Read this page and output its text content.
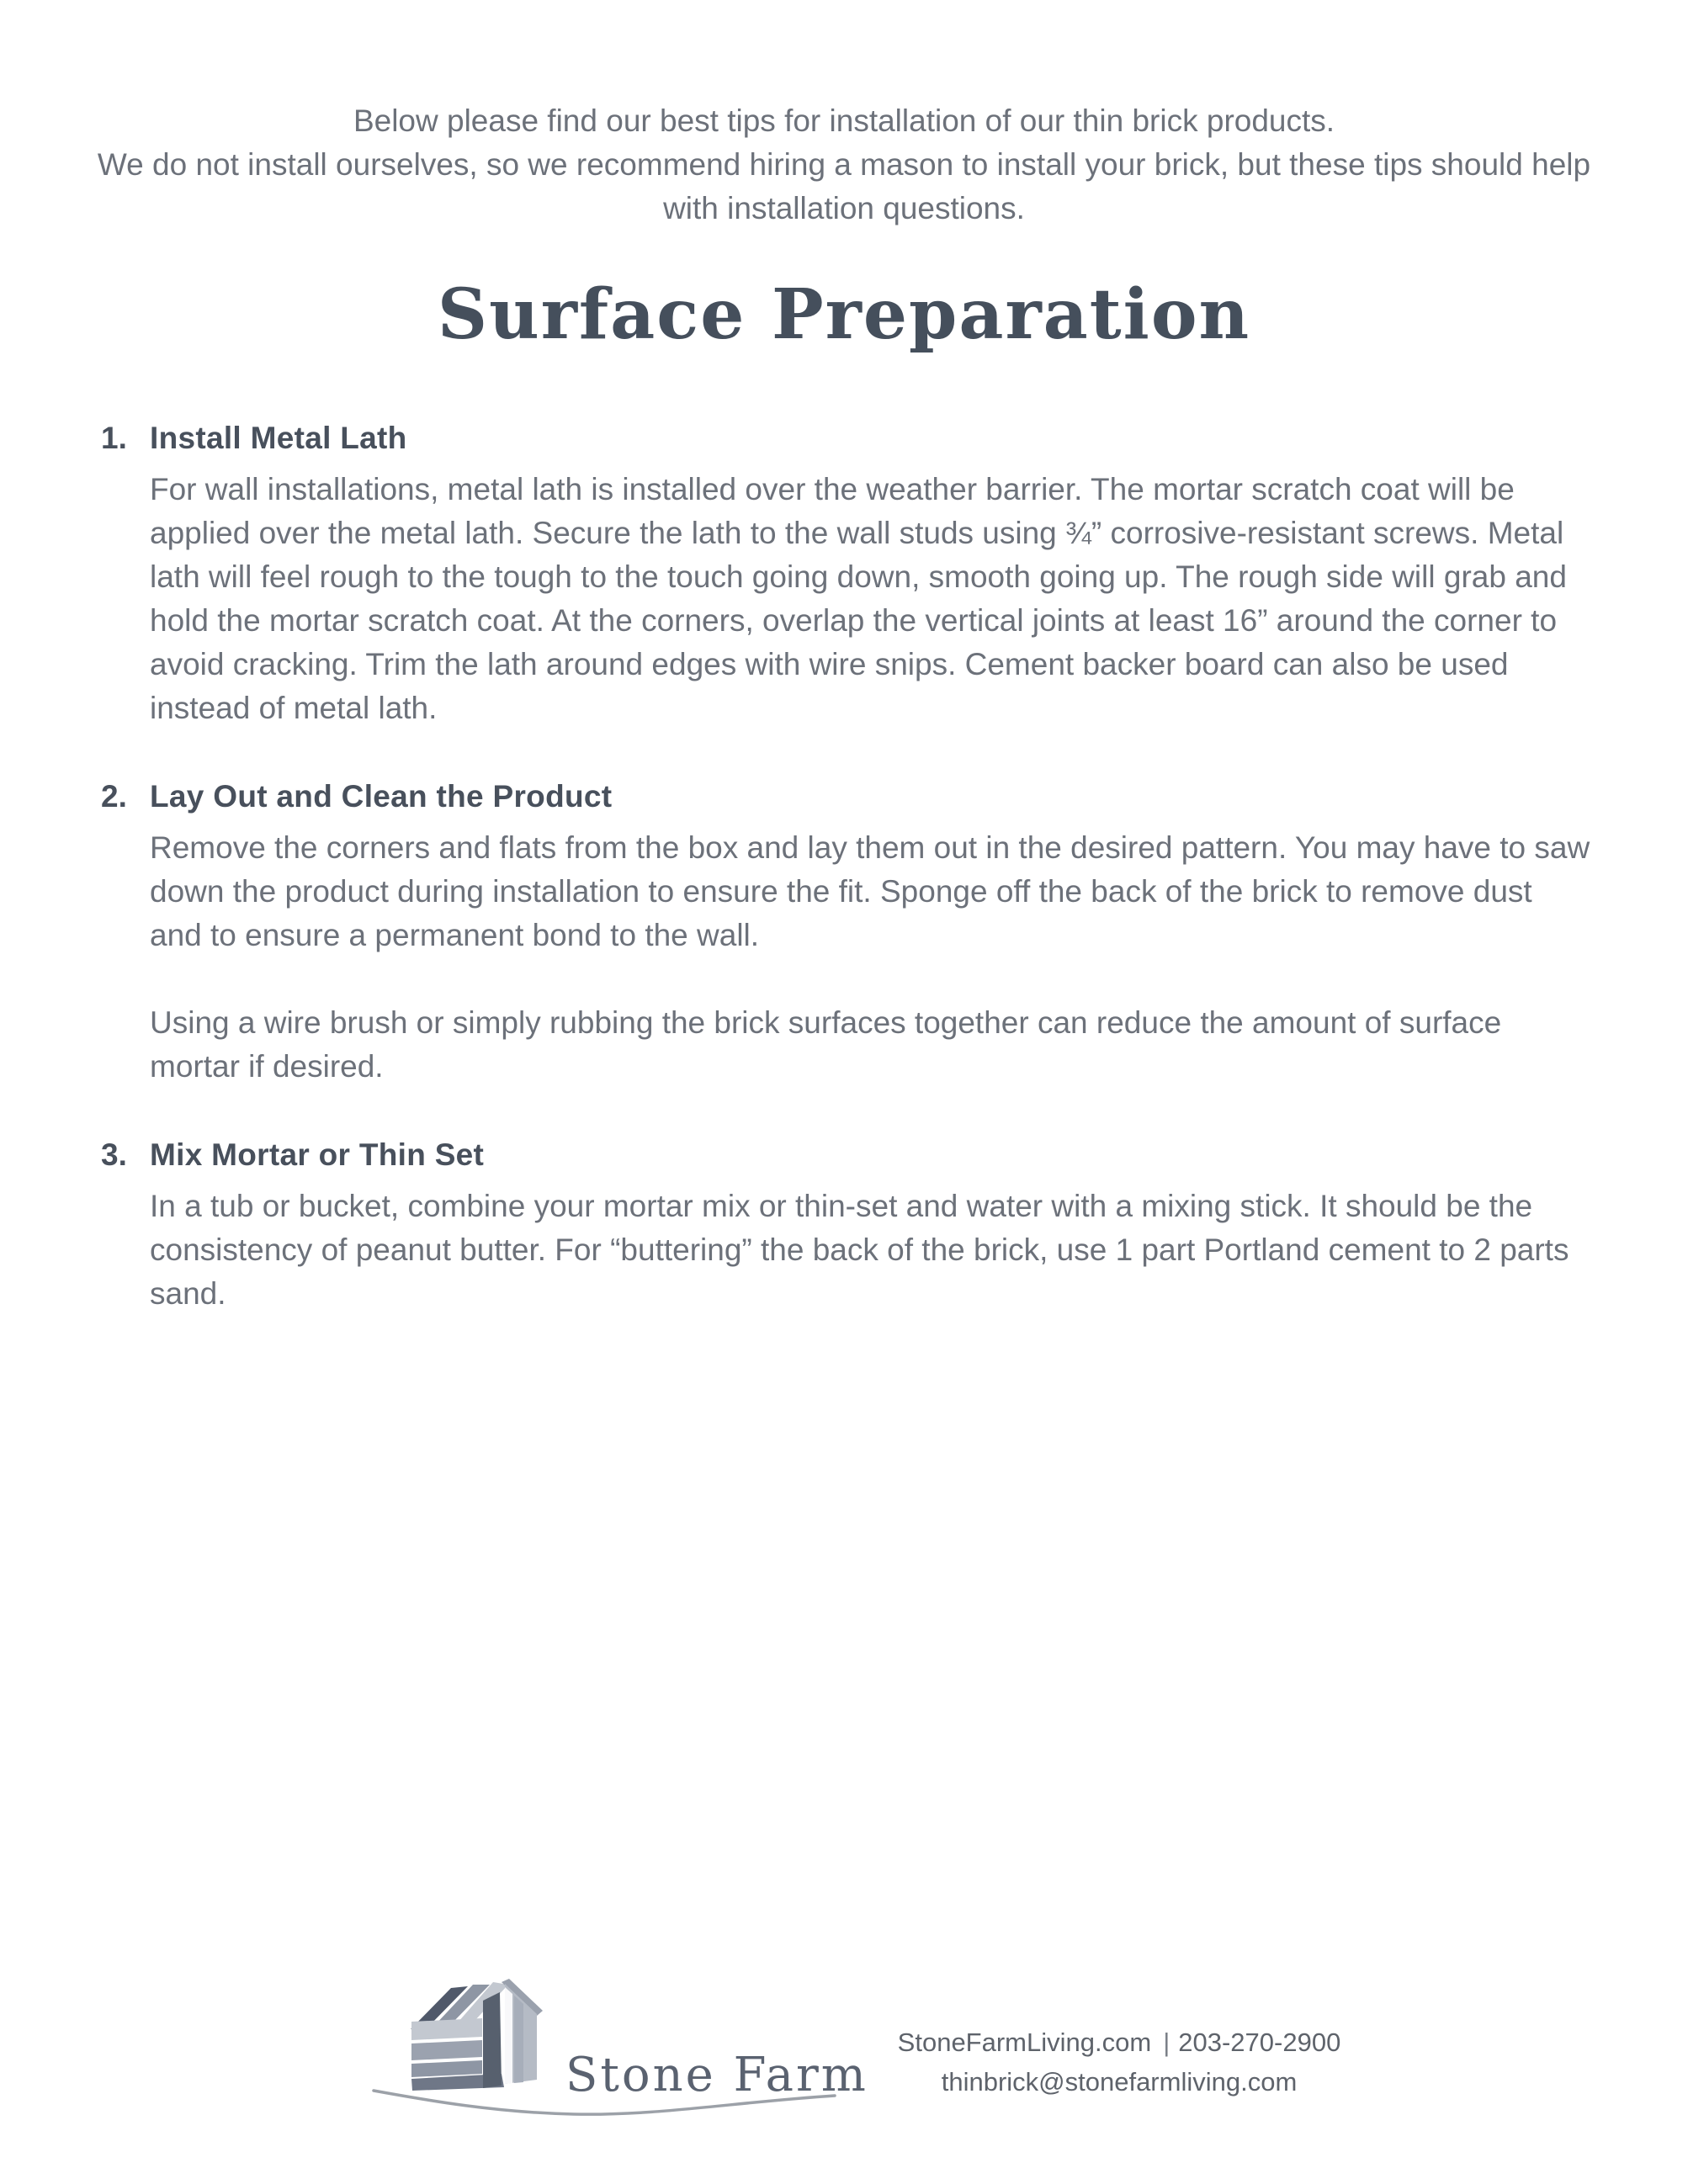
Below please find our best tips for installation of our thin brick products.
We do not install ourselves, so we recommend hiring a mason to install your brick, but these tips should help with installation questions.

Surface Preparation
1. Install Metal Lath

For wall installations, metal lath is installed over the weather barrier. The mortar scratch coat will be applied over the metal lath. Secure the lath to the wall studs using ¾” corrosive-resistant screws. Metal lath will feel rough to the tough to the touch going down, smooth going up. The rough side will grab and hold the mortar scratch coat. At the corners, overlap the vertical joints at least 16” around the corner to avoid cracking. Trim the lath around edges with wire snips. Cement backer board can also be used instead of metal lath.

2. Lay Out and Clean the Product

Remove the corners and flats from the box and lay them out in the desired pattern. You may have to saw down the product during installation to ensure the fit. Sponge off the back of the brick to remove dust and to ensure a permanent bond to the wall.

Using a wire brush or simply rubbing the brick surfaces together can reduce the amount of surface mortar if desired.

3. Mix Mortar or Thin Set

In a tub or bucket, combine your mortar mix or thin-set and water with a mixing stick. It should be the consistency of peanut butter. For “buttering” the back of the brick, use 1 part Portland cement to 2 parts sand.

Stone Farm
StoneFarmLiving.com | 203-270-2900
thinbrick@stonefarmliving.com
